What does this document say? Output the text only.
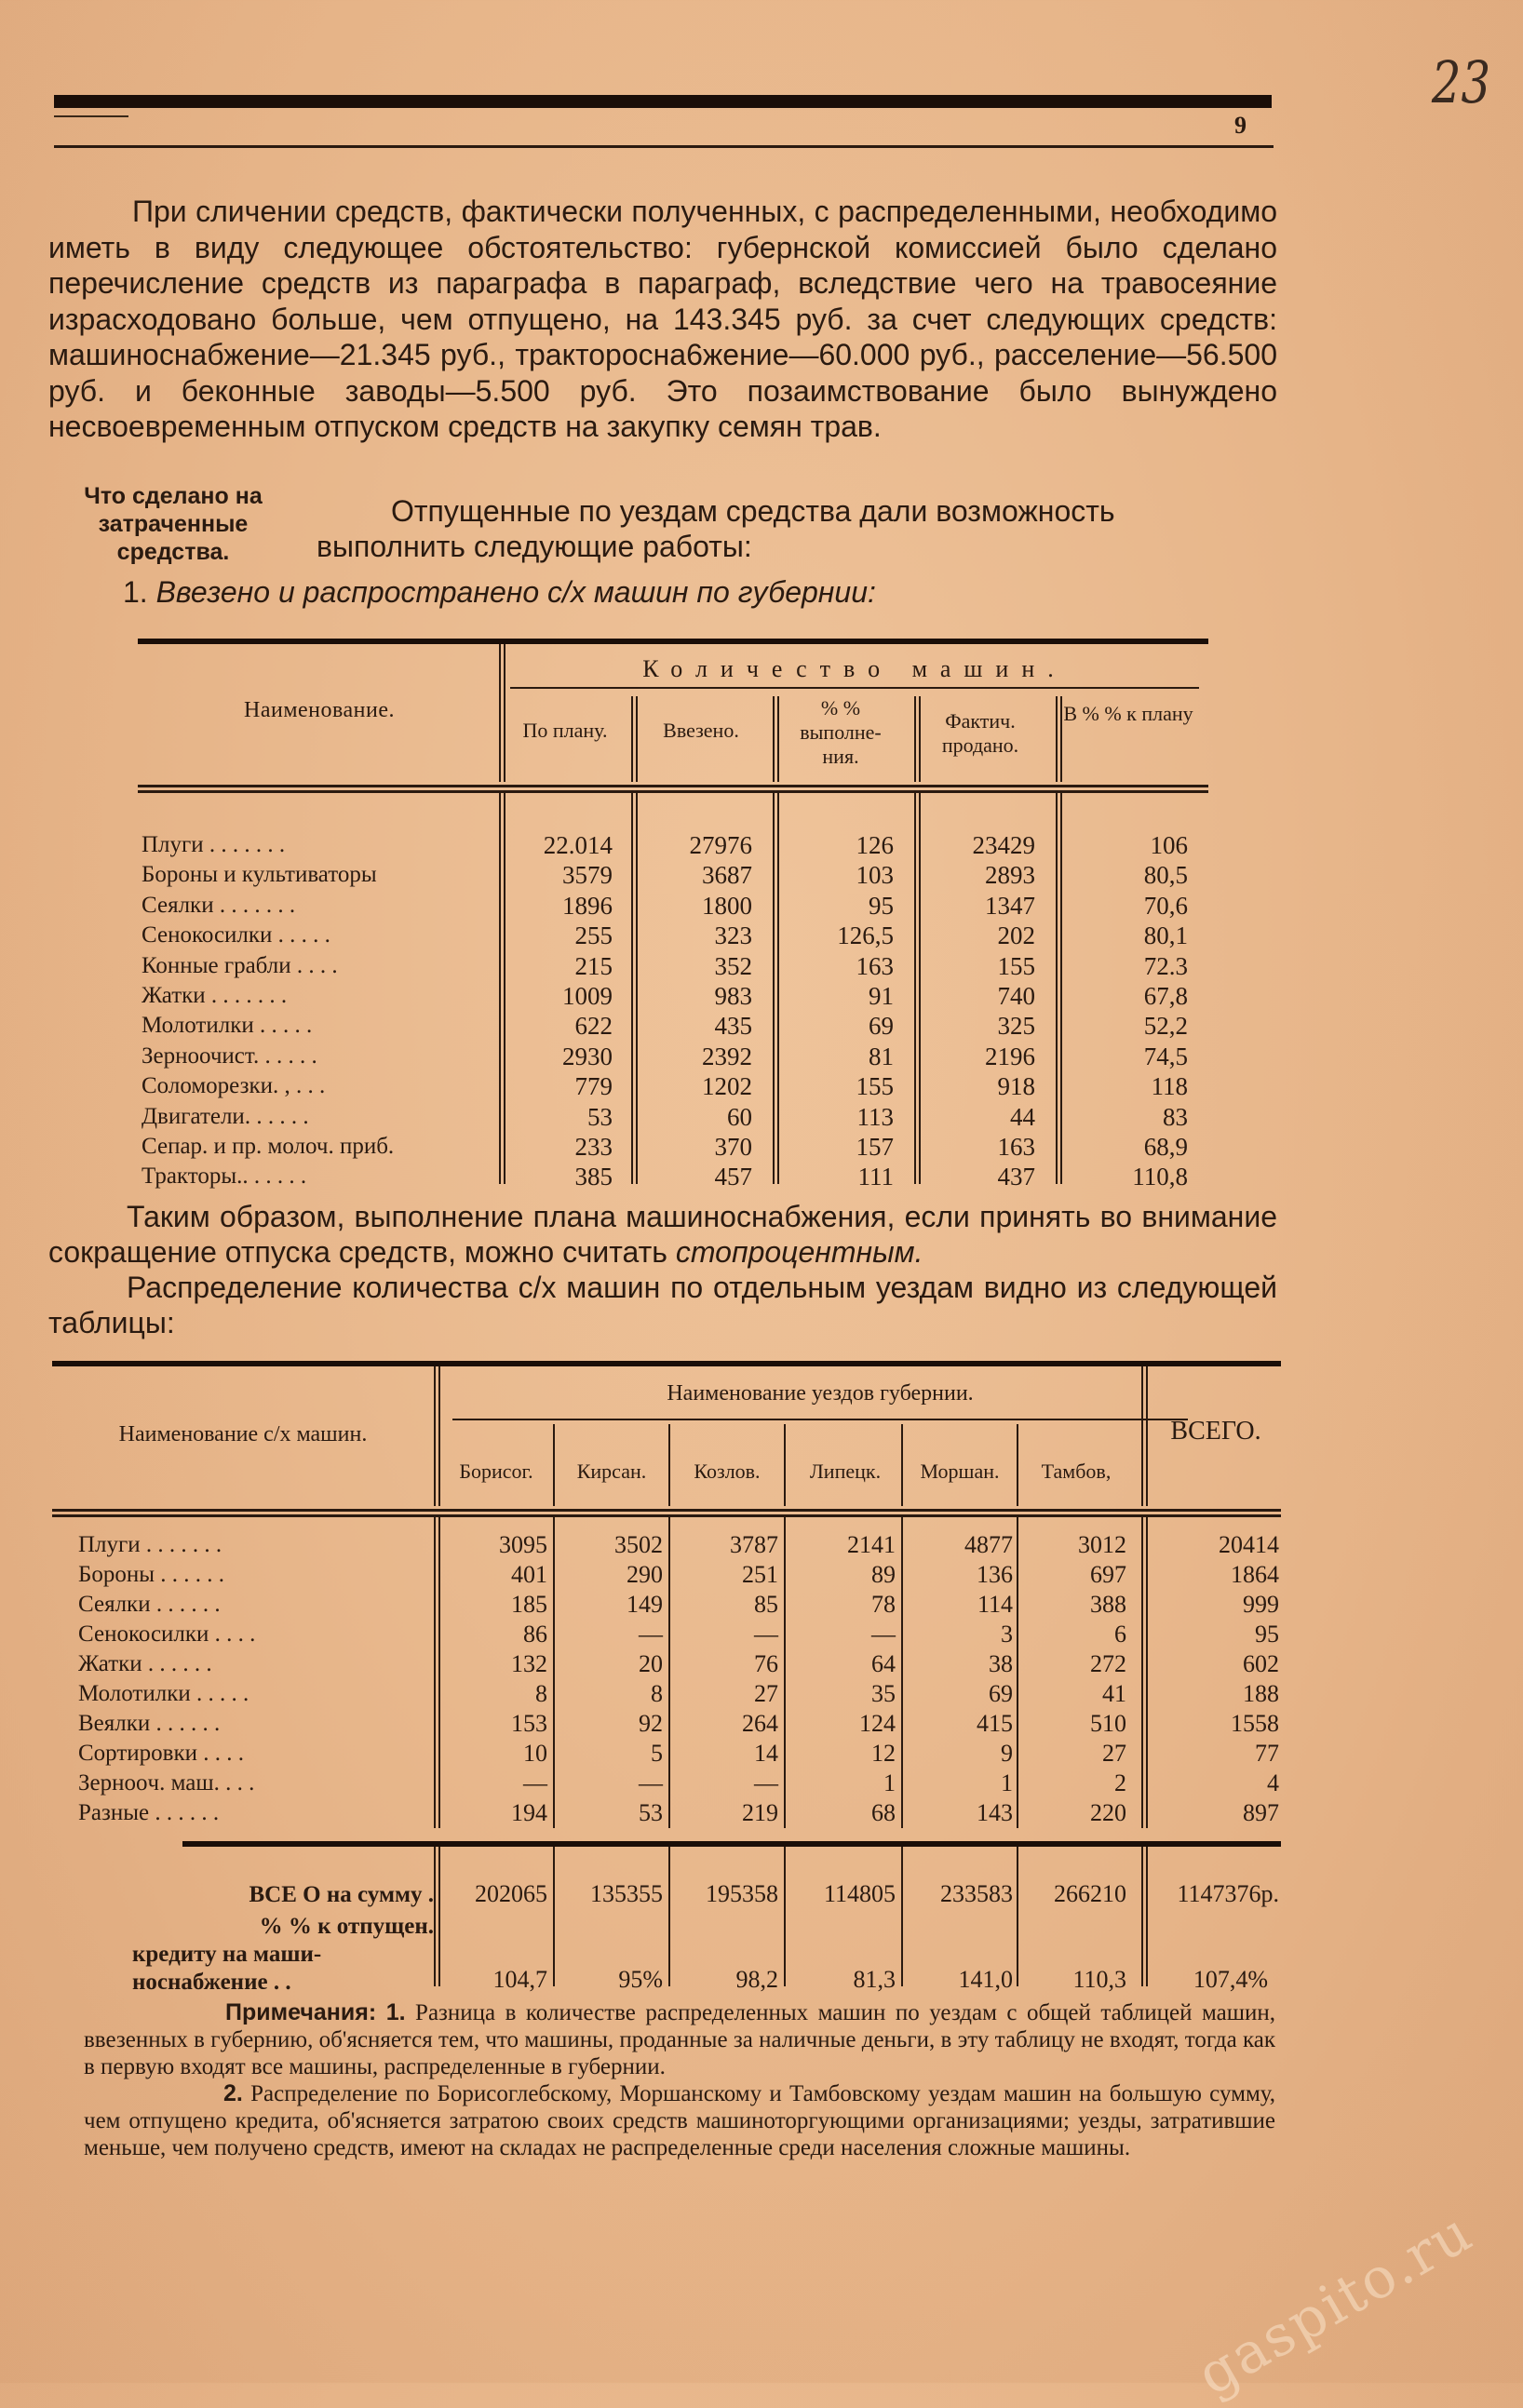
23
9

При сличении средств, фактически полученных, с распределенными, необходимо иметь в виду следующее обстоятельство: губернской комиссией было сделано перечисление средств из параграфа в параграф, вследствие чего на травосеяние израсходовано больше, чем отпущено, на 143.345 руб. за счет следующих средств: машиноснабжение—21.345 руб., тракторосна6жение—60.000 руб., расселение—56.500 руб. и беконные заводы—5.500 руб. Это позаимствование было вынуждено несвоевременным отпуском средств на закупку семян трав.

Что сделано на затраченные средства.
Отпущенные по уездам средства дали возможность
выполнить следующие работы:
1. Ввезено и распространено с/х машин по губернии:
Наименование.
Количество машин.
По плану.	Ввезено.
% % выполне- ния.
Фактич. продано.
В % % к плану
Плуги . . . . . . .	22.014	27976	126	23429	106
Бороны и культиваторы	3579	3687	103	2893	80,5
Сеялки . . . . . . .	1896	1800	95	1347	70,6
Сенокосилки . . . . .	255	323	126,5	202	80,1
Конные грабли . . . .	215	352	163	155	72.3
Жатки . . . . . . .	1009	983	91	740	67,8
Молотилки . . . . .	622	435	69	325	52,2
Зерноочист. . . . . .	2930	2392	81	2196	74,5
Соломорезки. , . . .	779	1202	155	918	118
Двигатели. . . . . .	53	60	113	44	83
Сепар. и пр. молоч. приб.	233	370	157	163	68,9
Тракторы.. . . . . .	385	457	111	437	110,8
Таким образом, выполнение плана машиноснабжения, если принять во внимание сокращение отпуска средств, можно считать стопроцентным.
Распределение количества с/х машин по отдельным уездам видно из следующей таблицы:
Наименование с/х машин.
Наименование уездов губернии.
ВСЕГО.
Борисог.	Кирсан.	Козлов.	Липецк.	Моршан.	Тамбов,
Плуги . . . . . . .	3095	3502	3787	2141	4877	3012	20414
Бороны . . . . . .	401	290	251	89	136	697	1864
Сеялки . . . . . .	185	149	85	78	114	388	999
Сенокосилки . . . .	86	—	—	—	3	6	95
Жатки . . . . . .	132	20	76	64	38	272	602
Молотилки . . . . .	8	8	27	35	69	41	188
Веялки . . . . . .	153	92	264	124	415	510	1558
Сортировки . . . .	10	5	14	12	9	27	77
Зерноoч. маш. . . .	—	—	—	1	1	2	4
Разные . . . . . .	194	53	219	68	143	220	897
ВСЕ О на сумму . 202065 135355 195358 114805 233583 266210 1147376р.
% % к отпущен.
кредиту на маши-
носнабжение . .	104,7	95%	98,2	81,3	141,0 110,3	107,4%

Примечания: 1. Разница в количестве распределенных машин по уездам с общей таблицей машин, ввезенных в губернию, об'ясняется тем, что машины, проданные за наличные деньги, в эту таблицу не входят, тогда как в первую входят все машины, распределенные в губернии.

2. Распределение по Борисоглебскому, Моршанскому и Тамбовскому уездам машин на большую сумму, чем отпущено кредита, об'ясняется затратою своих средств машиноторгующими организациями; уезды, затратившие меньше, чем получено средств, имеют на складах не распределенные среди населения сложные машины.

gaspito.ru
